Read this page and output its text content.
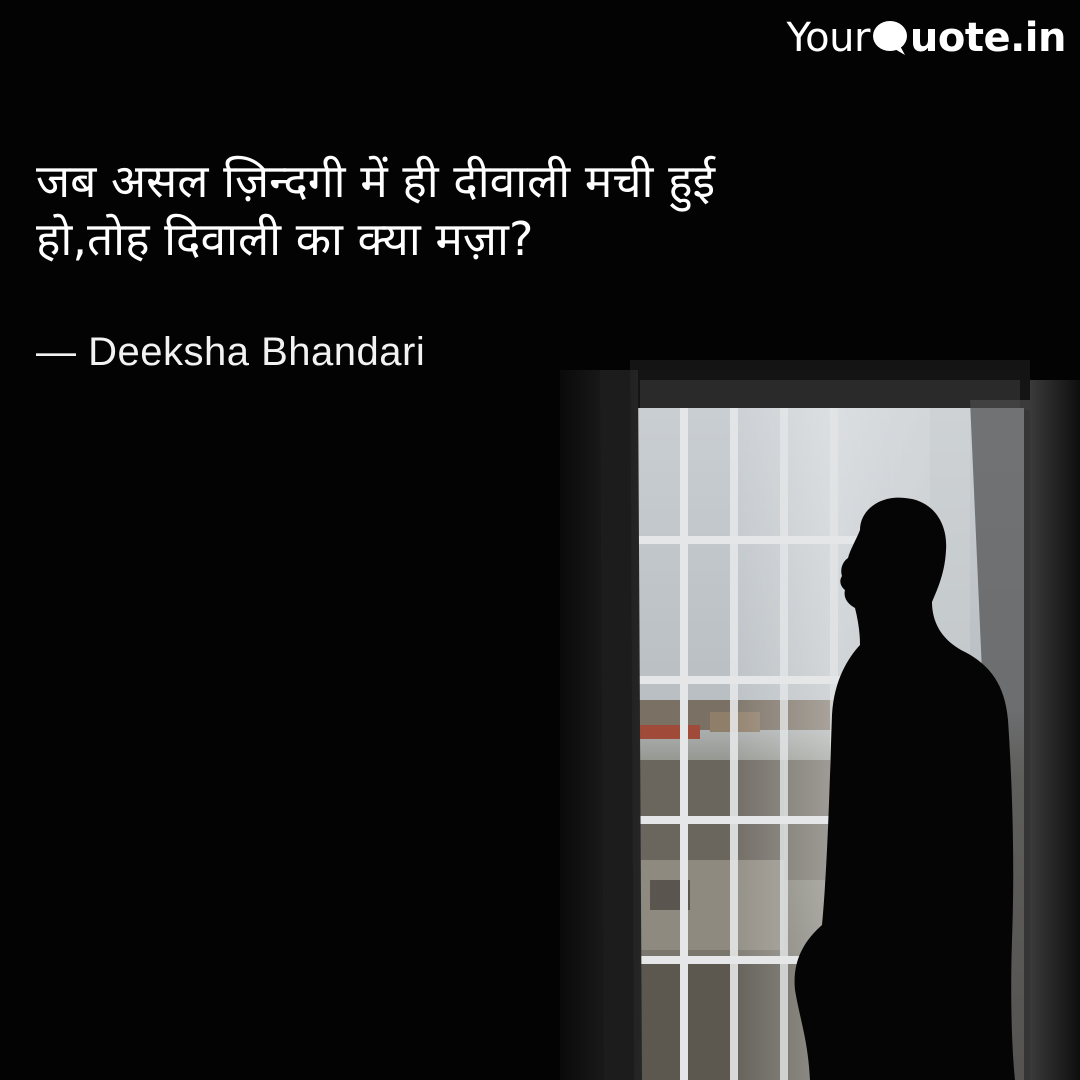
Your uote.in
जब असल ज़िन्दगी में ही दीवाली मची हुई
हो,तोह दिवाली का क्या मज़ा?
— Deeksha Bhandari
